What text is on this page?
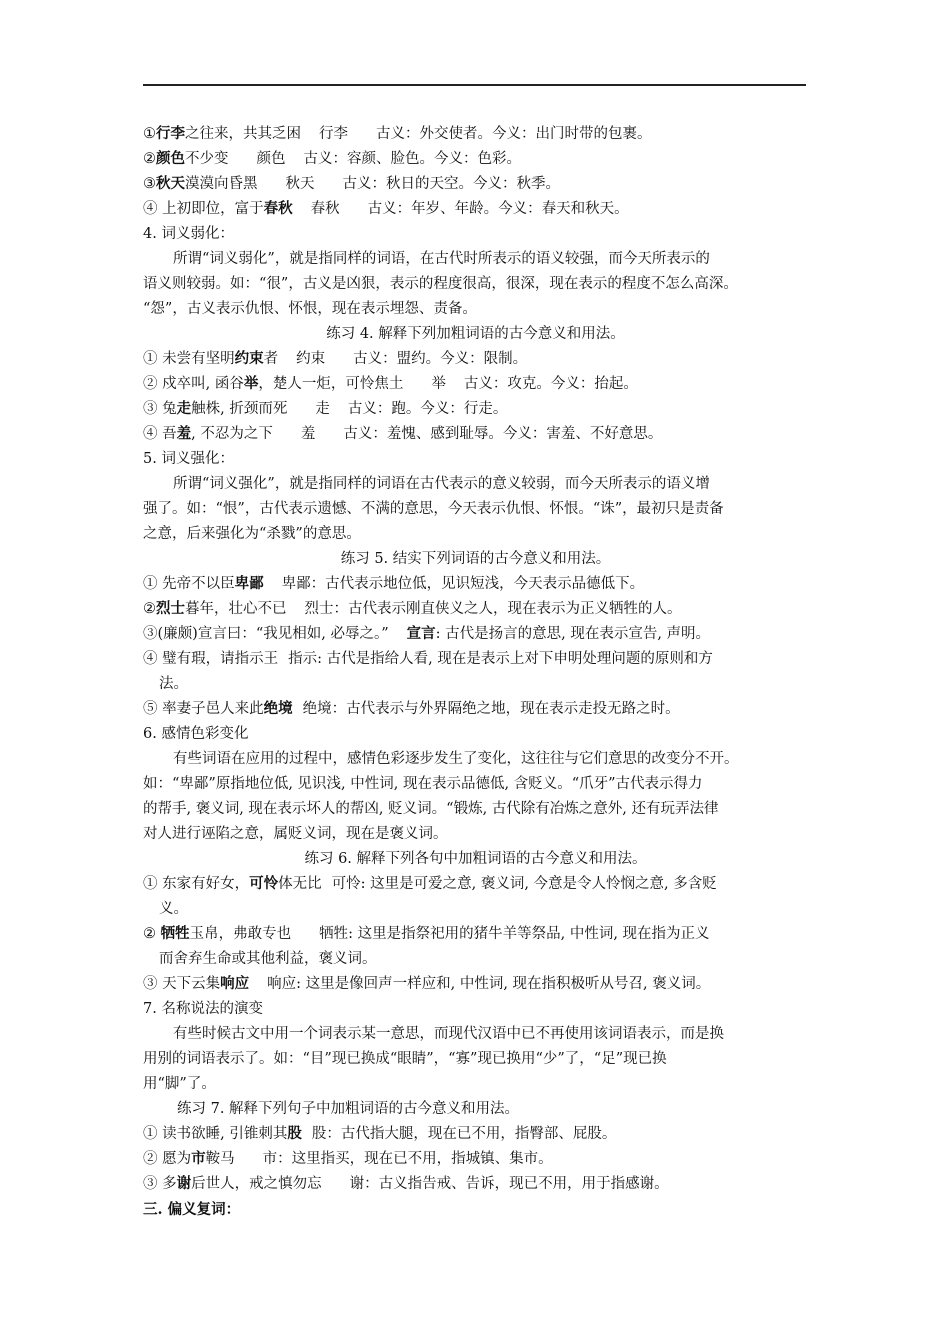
①行李之往来，共其乏困 行李 古义：外交使者。今义：出门时带的包裹。
②颜色不少变 颜色 古义：容颜、脸色。今义：色彩。
③秋天漠漠向昏黑 秋天 古义：秋日的天空。今义：秋季。
④ 上初即位，富于春秋 春秋 古义：年岁、年龄。今义：春天和秋天。
4. 词义弱化：
所谓“词义弱化”，就是指同样的词语，在古代时所表示的语义较强，而今天所表示的
语义则较弱。如：“很”，古义是凶狠，表示的程度很高，很深，现在表示的程度不怎么高深。
“怨”，古义表示仇恨、怀恨，现在表示埋怨、责备。
练习 4. 解释下列加粗词语的古今意义和用法。
① 未尝有坚明约束者 约束 古义：盟约。今义：限制。
② 戍卒叫, 函谷举，楚人一炬，可怜焦土 举 古义：攻克。今义：抬起。
③ 兔走触株, 折颈而死 走 古义：跑。今义：行走。
④ 吾羞, 不忍为之下 羞 古义：羞愧、感到耻辱。今义：害羞、不好意思。
5. 词义强化：
所谓“词义强化”，就是指同样的词语在古代表示的意义较弱，而今天所表示的语义增
强了。如：“恨”，古代表示遗憾、不满的意思，今天表示仇恨、怀恨。“诛”，最初只是责备
之意，后来强化为“杀戮”的意思。
练习 5. 结实下列词语的古今意义和用法。
① 先帝不以臣卑鄙 卑鄙：古代表示地位低，见识短浅，今天表示品德低下。
②烈士暮年，壮心不已 烈士：古代表示刚直侠义之人，现在表示为正义牺牲的人。
③(廉颇)宣言曰：“我见相如, 必辱之。” 宣言: 古代是扬言的意思, 现在表示宣告, 声明。
④ 璧有瑕，请指示王 指示: 古代是指给人看, 现在是表示上对下申明处理问题的原则和方
法。
⑤ 率妻子邑人来此绝境 绝境：古代表示与外界隔绝之地，现在表示走投无路之时。
6. 感情色彩变化
有些词语在应用的过程中，感情色彩逐步发生了变化，这往往与它们意思的改变分不开。
如：“卑鄙”原指地位低, 见识浅, 中性词, 现在表示品德低, 含贬义。“爪牙”古代表示得力
的帮手, 褒义词, 现在表示坏人的帮凶, 贬义词。“锻炼, 古代除有冶炼之意外, 还有玩弄法律
对人进行诬陷之意，属贬义词，现在是褒义词。
练习 6. 解释下列各句中加粗词语的古今意义和用法。
① 东家有好女，可怜体无比 可怜: 这里是可爱之意, 褒义词, 今意是令人怜悯之意, 多含贬
义。
② 牺牲玉帛，弗敢专也 牺牲: 这里是指祭祀用的猪牛羊等祭品, 中性词, 现在指为正义
而舍弃生命或其他利益，褒义词。
③ 天下云集响应 响应: 这里是像回声一样应和, 中性词, 现在指积极听从号召, 褒义词。
7. 名称说法的演变
有些时候古文中用一个词表示某一意思，而现代汉语中已不再使用该词语表示，而是换
用别的词语表示了。如：“目”现已换成“眼睛”，“寡”现已换用“少”了，“足”现已换
用“脚”了。
练习 7. 解释下列句子中加粗词语的古今意义和用法。
① 读书欲睡, 引锥刺其股 股：古代指大腿，现在已不用，指臀部、屁股。
② 愿为市鞍马 市：这里指买，现在已不用，指城镇、集市。
③ 多谢后世人，戒之慎勿忘 谢：古义指告戒、告诉，现已不用，用于指感谢。
三. 偏义复词：
